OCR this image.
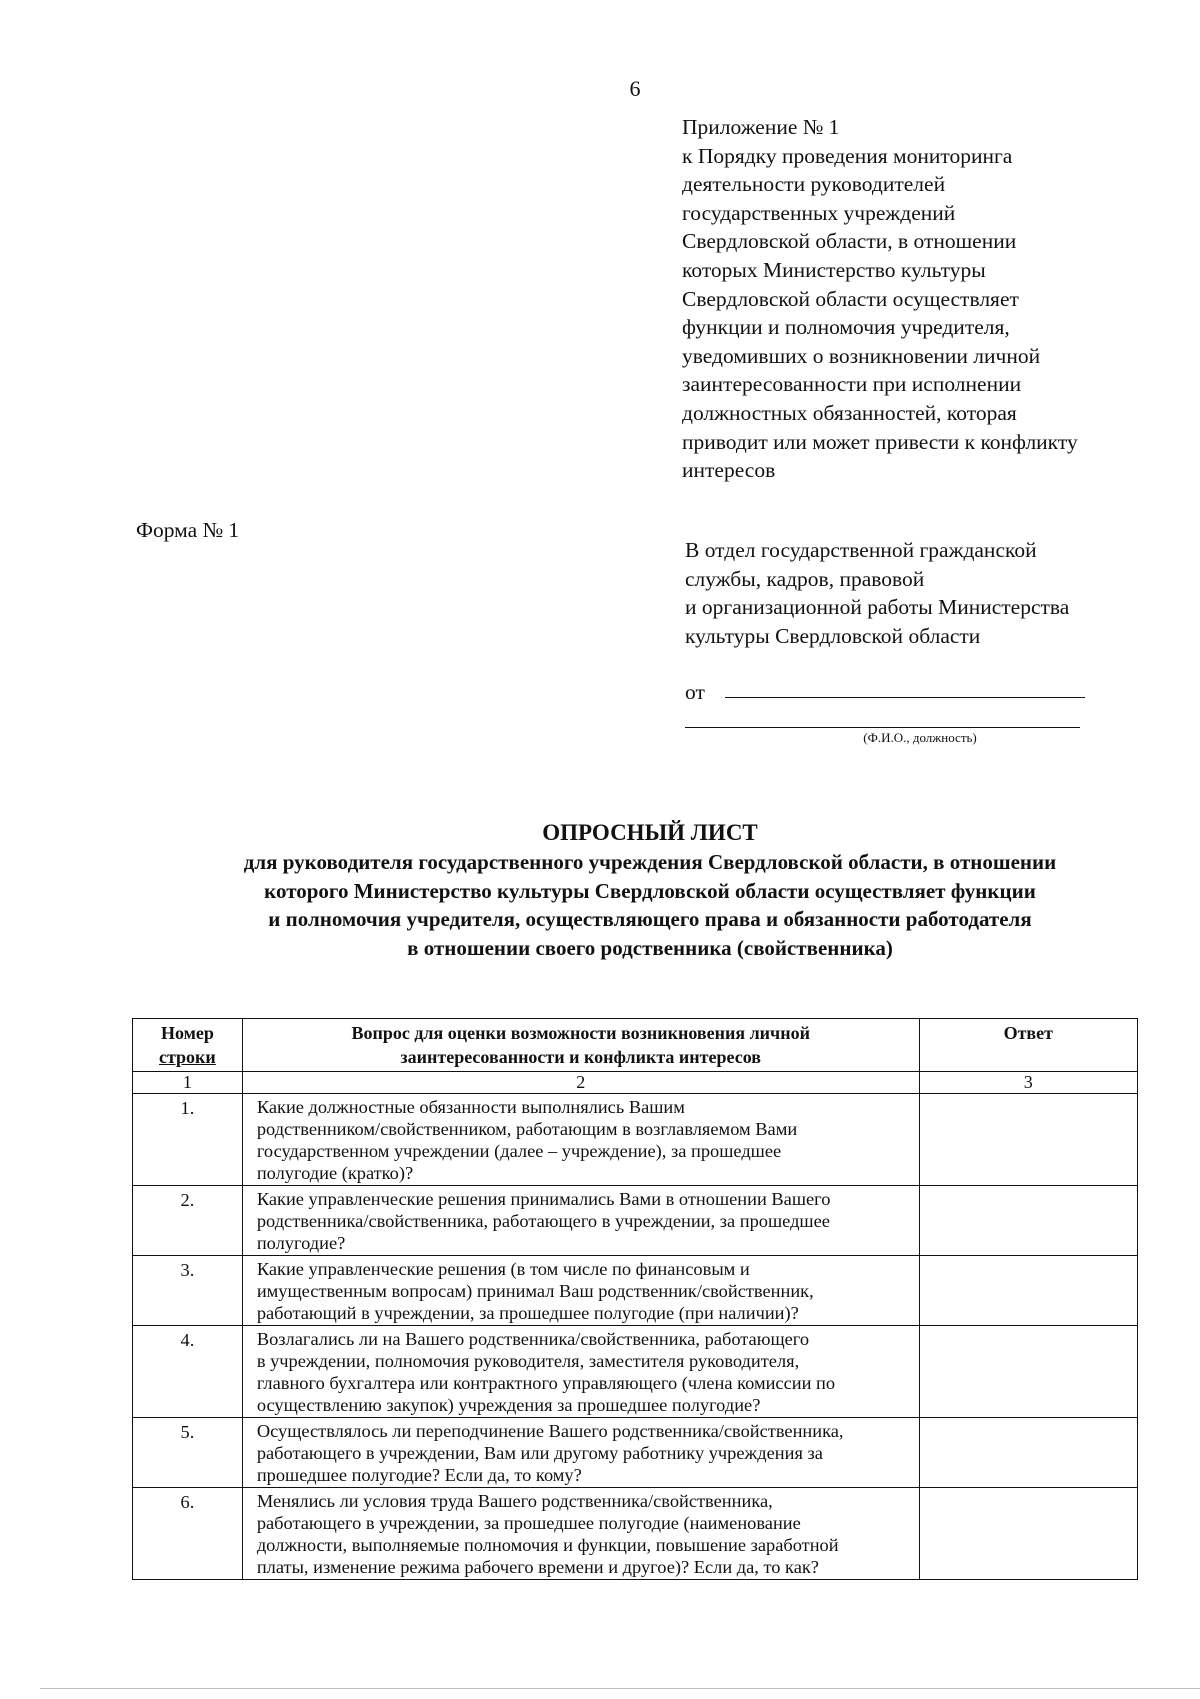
6
Приложение № 1
к Порядку проведения мониторинга
деятельности руководителей
государственных учреждений
Свердловской области, в отношении
которых Министерство культуры
Свердловской области осуществляет
функции и полномочия учредителя,
уведомивших о возникновении личной
заинтересованности при исполнении
должностных обязанностей, которая
приводит или может привести к конфликту
интересов
Форма № 1
В отдел государственной гражданской
службы, кадров, правовой
и организационной работы Министерства
культуры Свердловской области
от
(Ф.И.О., должность)
ОПРОСНЫЙ ЛИСТ
для руководителя государственного учреждения Свердловской области, в отношении
которого Министерство культуры Свердловской области осуществляет функции
и полномочия учредителя, осуществляющего права и обязанности работодателя
в отношении своего родственника (свойственника)
Номер
строки	Вопрос для оценки возможности возникновения личной
заинтересованности и конфликта интересов	Ответ
1	2	3
1.	Какие должностные обязанности выполнялись Вашим
родственником/свойственником, работающим в возглавляемом Вами
государственном учреждении (далее – учреждение), за прошедшее
полугодие (кратко)?	

2.	Какие управленческие решения принимались Вами в отношении Вашего
родственника/свойственника, работающего в учреждении, за прошедшее
полугодие?	

3.	Какие управленческие решения (в том числе по финансовым и
имущественным вопросам) принимал Ваш родственник/свойственник,
работающий в учреждении, за прошедшее полугодие (при наличии)?	

4.	Возлагались ли на Вашего родственника/свойственника, работающего
в учреждении, полномочия руководителя, заместителя руководителя,
главного бухгалтера или контрактного управляющего (члена комиссии по
осуществлению закупок) учреждения за прошедшее полугодие?	

5.	Осуществлялось ли переподчинение Вашего родственника/свойственника,
работающего в учреждении, Вам или другому работнику учреждения за
прошедшее полугодие? Если да, то кому?	

6.	Менялись ли условия труда Вашего родственника/свойственника,
работающего в учреждении, за прошедшее полугодие (наименование
должности, выполняемые полномочия и функции, повышение заработной
платы, изменение режима рабочего времени и другое)? Если да, то как?	
